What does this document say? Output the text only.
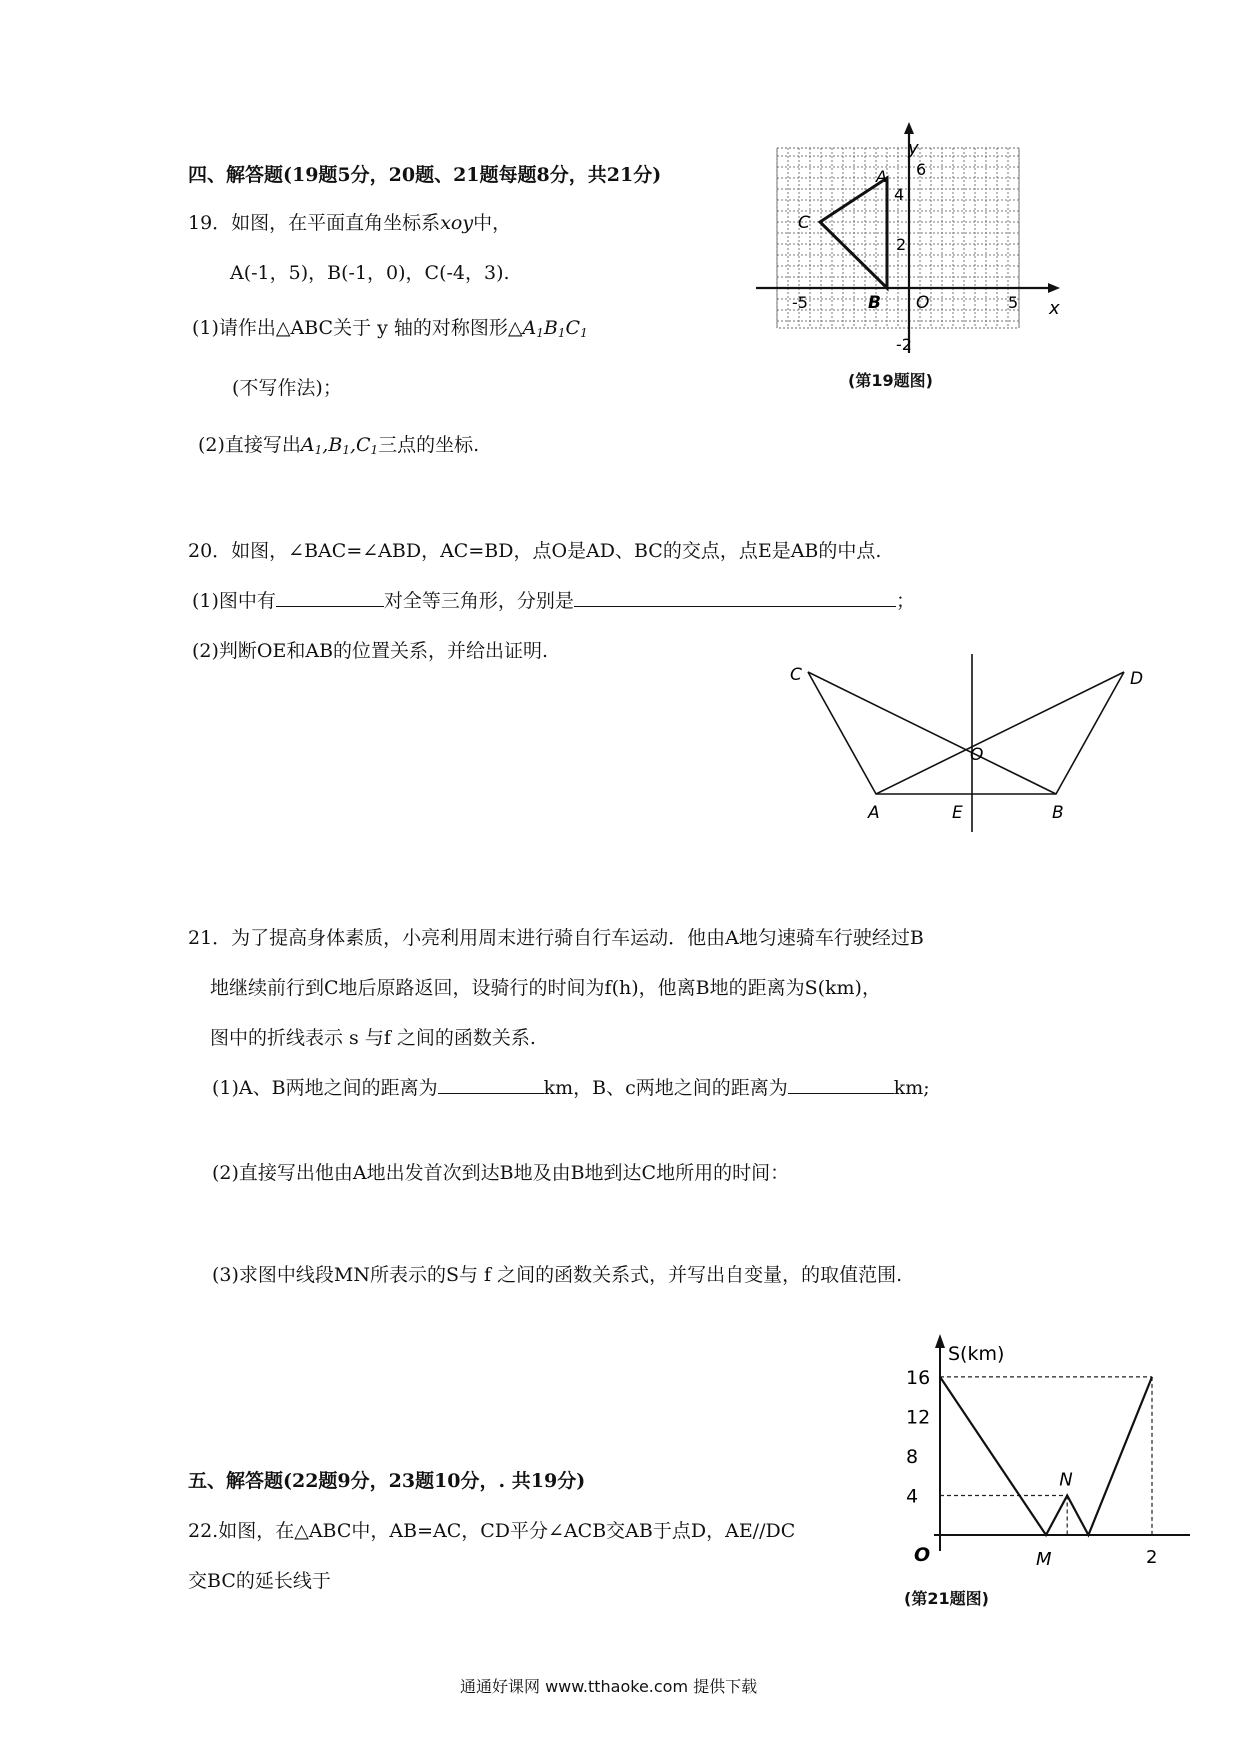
四、解答题(19题5分，20题、21题每题8分，共21分)
19．如图，在平面直角坐标系xoy中，
A(-1，5)，B(-1，0)，C(-4，3).
(1)请作出△ABC关于 y 轴的对称图形$\triangle A_1B_1C_1$
(不写作法)；
(2)直接写出$A_1,B_1,C_1$三点的坐标.
y
x
O
6
4
2
-5	5
-2
A
B
C
(第19题图)
20．如图，∠BAC=∠ABD，AC=BD，点O是AD、BC的交点，点E是AB的中点.
(1)图中有	对全等三角形，分别是	；
(2)判断OE和AB的位置关系，并给出证明.
C	D
O
A	E	B
21．为了提高身体素质，小亮利用周末进行骑自行车运动．他由A地匀速骑车行驶经过B
地继续前行到C地后原路返回，设骑行的时间为f(h)，他离B地的距离为S(km)，
图中的折线表示 s 与f 之间的函数关系.
(1)A、B两地之间的距离为	km，B、c两地之间的距离为	km;
(2)直接写出他由A地出发首次到达B地及由B地到达C地所用的时间：
(3)求图中线段MN所表示的S与 f 之间的函数关系式，并写出自变量，的取值范围.
16
12
8
4
S(km)
O	M	2
N
(第21题图)
五、解答题(22题9分，23题10分，. 共19分)
22.如图，在△ABC中，AB=AC，CD平分∠ACB交AB于点D，AE//DC
交BC的延长线于
通通好课网 www.tthaoke.com 提供下载
